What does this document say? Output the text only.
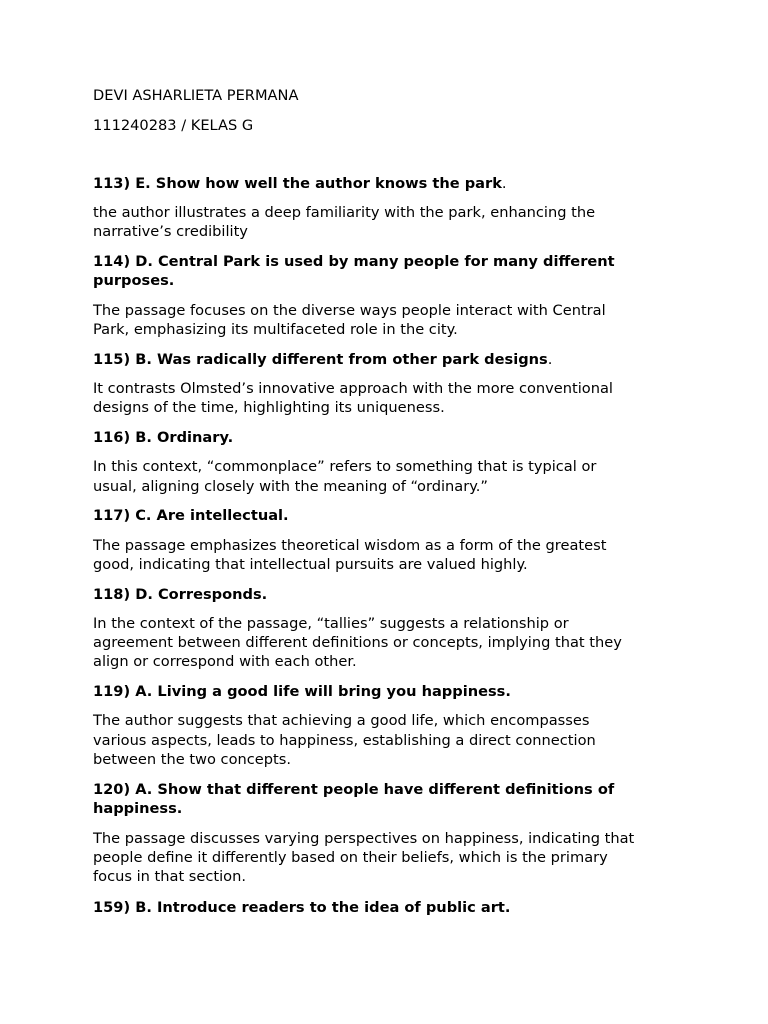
DEVI ASHARLIETA PERMANA
111240283 / KELAS G
113) E. Show how well the author knows the park.
the author illustrates a deep familiarity with the park, enhancing the
narrative’s credibility
114) D. Central Park is used by many people for many different
purposes.
The passage focuses on the diverse ways people interact with Central
Park, emphasizing its multifaceted role in the city.
115) B. Was radically different from other park designs.
It contrasts Olmsted’s innovative approach with the more conventional
designs of the time, highlighting its uniqueness.
116) B. Ordinary.
In this context, “commonplace” refers to something that is typical or
usual, aligning closely with the meaning of “ordinary.”
117) C. Are intellectual.
The passage emphasizes theoretical wisdom as a form of the greatest
good, indicating that intellectual pursuits are valued highly.
118) D. Corresponds.
In the context of the passage, “tallies” suggests a relationship or
agreement between different definitions or concepts, implying that they
align or correspond with each other.
119) A. Living a good life will bring you happiness.
The author suggests that achieving a good life, which encompasses
various aspects, leads to happiness, establishing a direct connection
between the two concepts.
120) A. Show that different people have different definitions of
happiness.
The passage discusses varying perspectives on happiness, indicating that
people define it differently based on their beliefs, which is the primary
focus in that section.
159) B. Introduce readers to the idea of public art.
